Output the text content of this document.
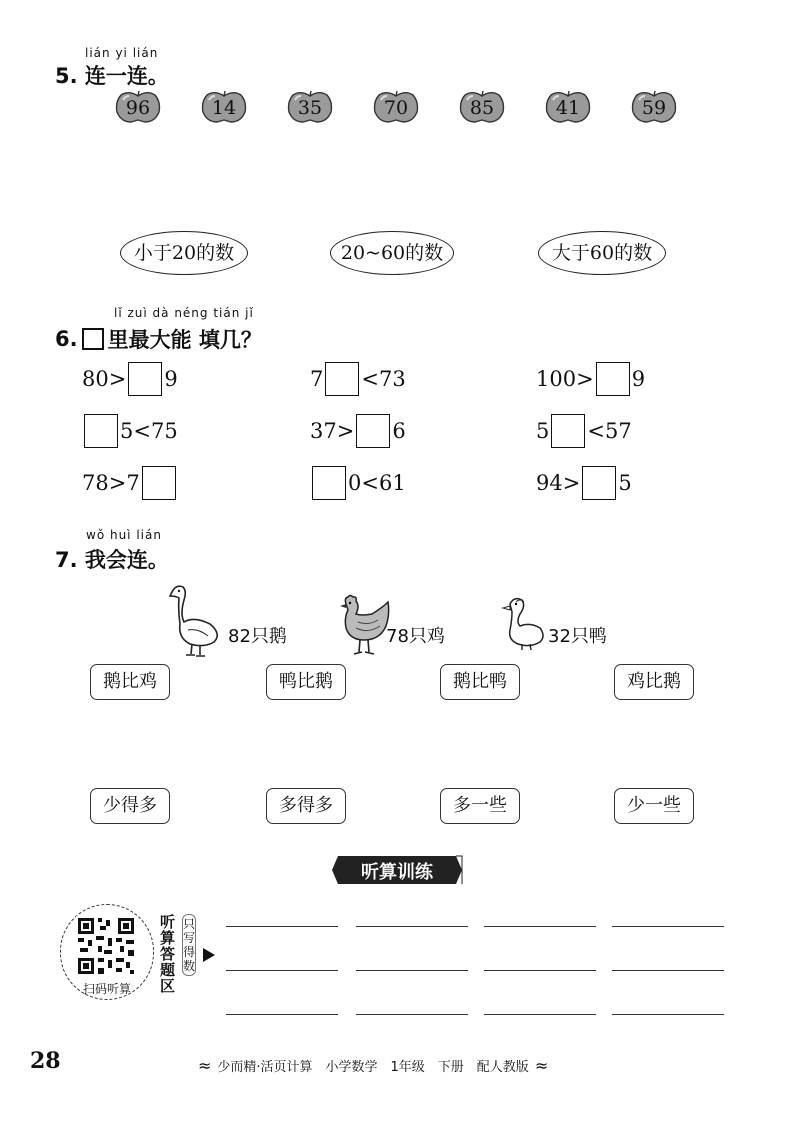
lián yi lián
5. 连一连。
96	14	35	70	85	41	59
小于20的数	20~60的数	大于60的数
lǐ zuì dà néng tián jǐ
6. 里最大能 填几？
80> 9	7 <73	100> 9
5<75	37> 6	5 <57
78>7	0<61	94> 5
wǒ huì lián
7. 我会连。
82只鹅	78只鸡	32只鸭
鹅比鸡	鸭比鹅	鹅比鸭	鸡比鹅
少得多	多得多	多一些	少一些
听算训练
扫码听算
听算答题区
只写得数
28	≈ 少而精·活页计算　小学数学　1年级　下册　配人教版 ≈
